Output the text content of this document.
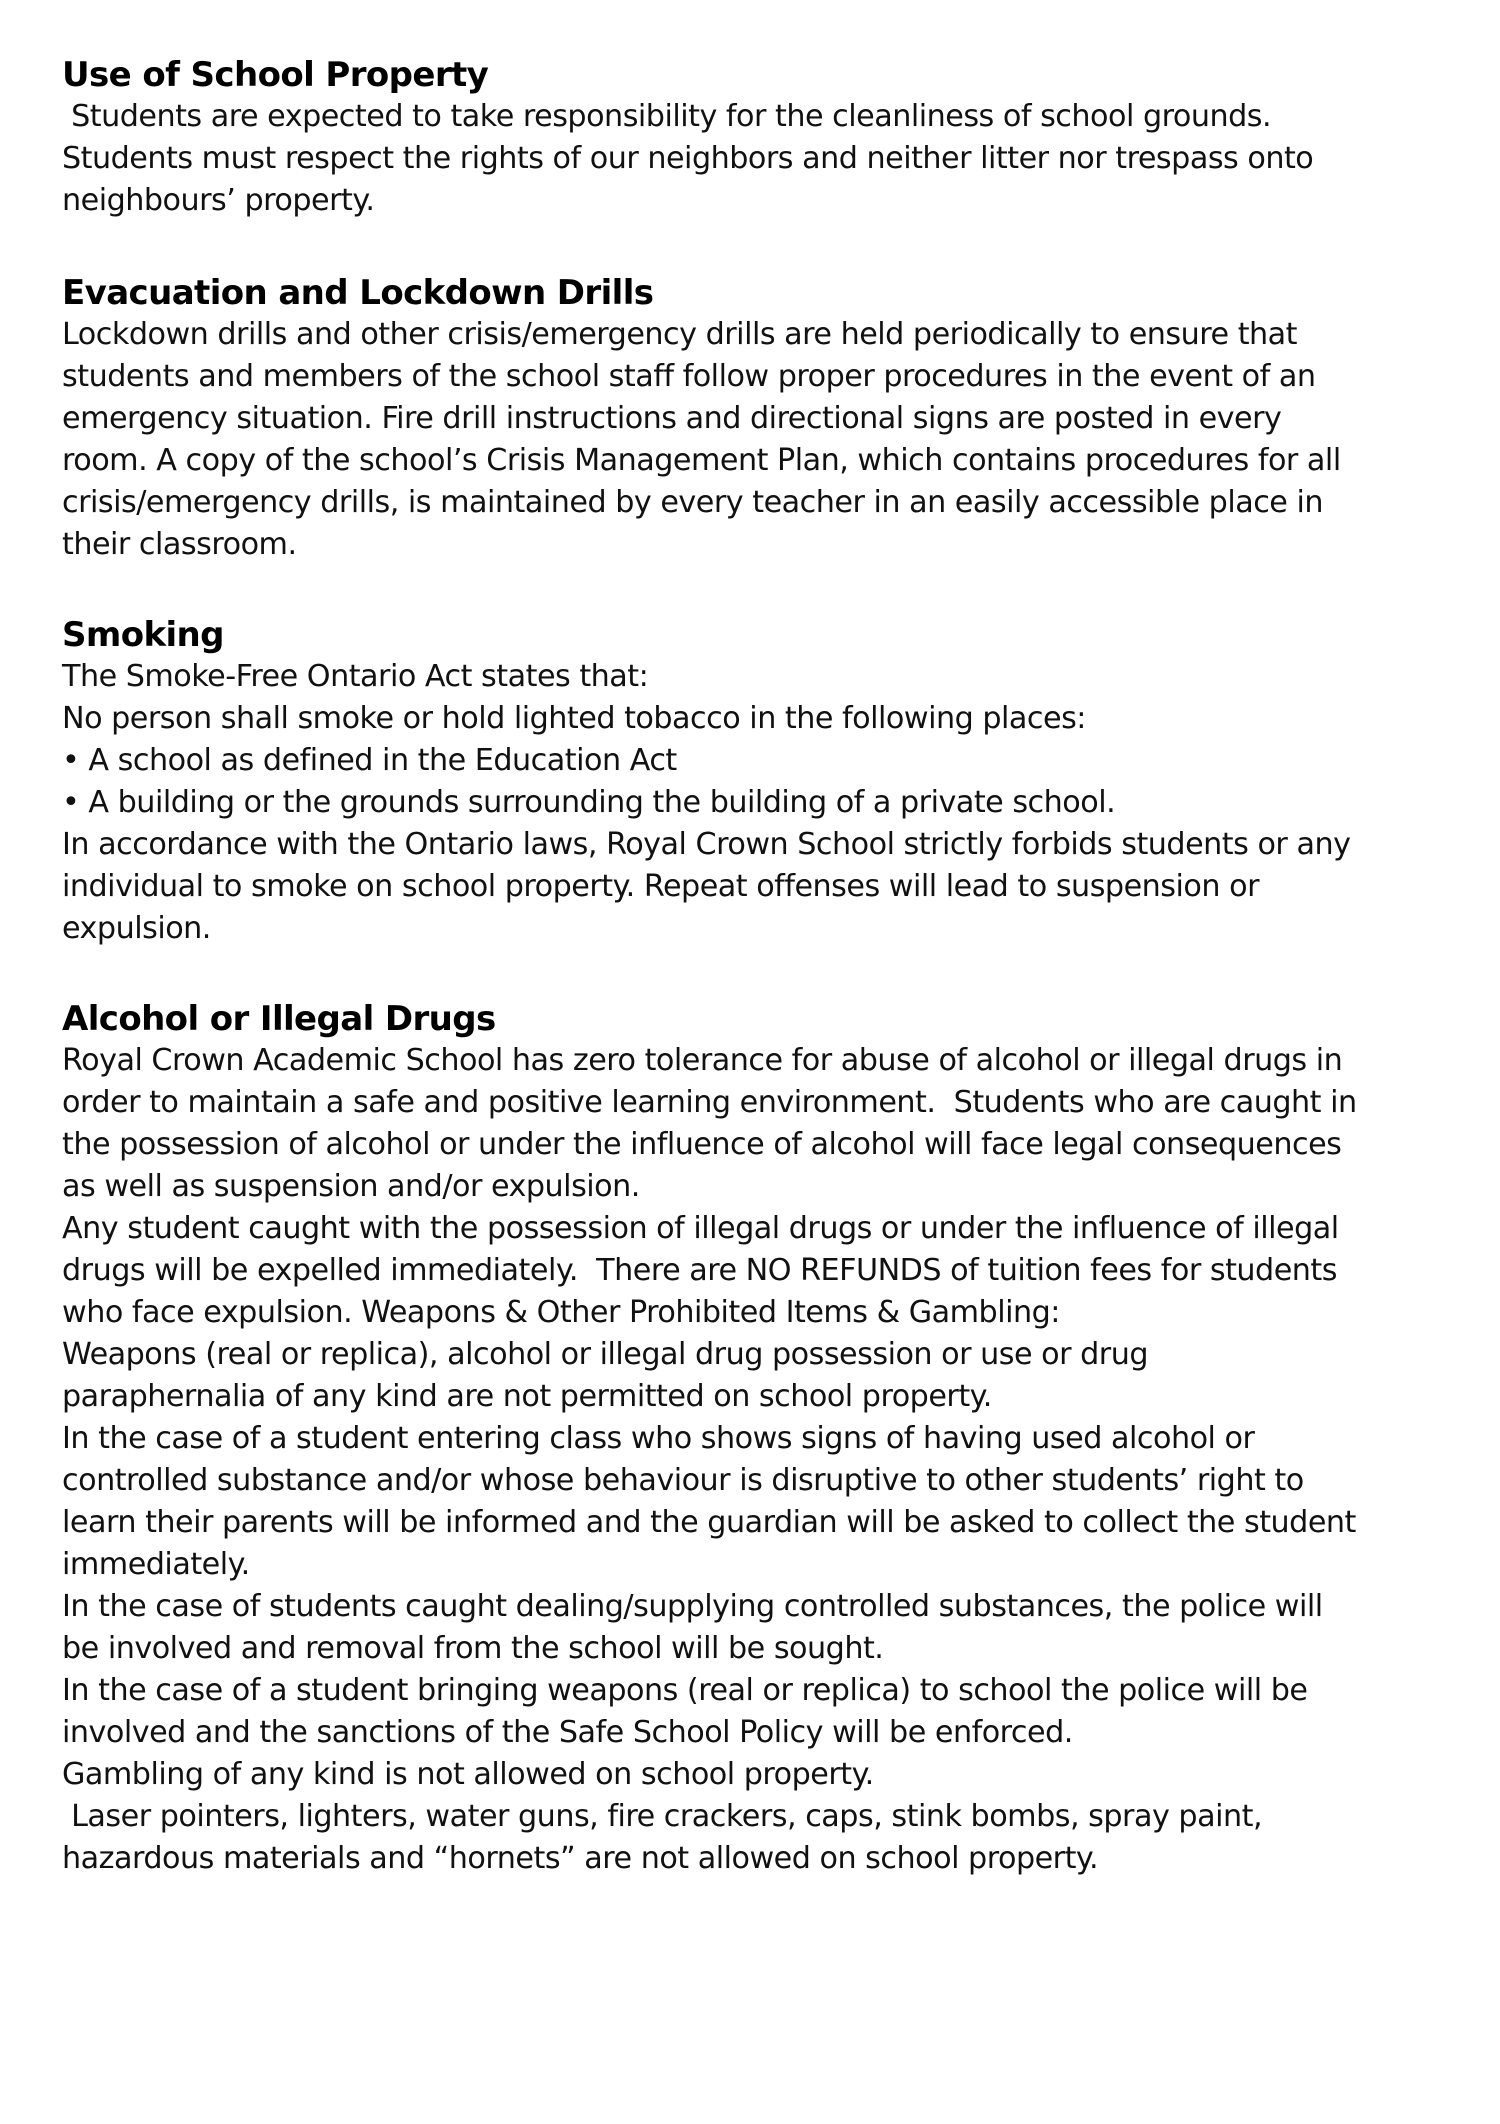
Use of School Property
Students are expected to take responsibility for the cleanliness of school grounds.
Students must respect the rights of our neighbors and neither litter nor trespass onto
neighbours’ property.
Evacuation and Lockdown Drills
Lockdown drills and other crisis/emergency drills are held periodically to ensure that
students and members of the school staff follow proper procedures in the event of an
emergency situation. Fire drill instructions and directional signs are posted in every
room. A copy of the school’s Crisis Management Plan, which contains procedures for all
crisis/emergency drills, is maintained by every teacher in an easily accessible place in
their classroom.
Smoking
The Smoke-Free Ontario Act states that:
No person shall smoke or hold lighted tobacco in the following places:
• A school as defined in the Education Act
• A building or the grounds surrounding the building of a private school.
In accordance with the Ontario laws, Royal Crown School strictly forbids students or any
individual to smoke on school property. Repeat offenses will lead to suspension or
expulsion.
Alcohol or Illegal Drugs
Royal Crown Academic School has zero tolerance for abuse of alcohol or illegal drugs in
order to maintain a safe and positive learning environment.  Students who are caught in
the possession of alcohol or under the influence of alcohol will face legal consequences
as well as suspension and/or expulsion.
Any student caught with the possession of illegal drugs or under the influence of illegal
drugs will be expelled immediately.  There are NO REFUNDS of tuition fees for students
who face expulsion. Weapons & Other Prohibited Items & Gambling:
Weapons (real or replica), alcohol or illegal drug possession or use or drug
paraphernalia of any kind are not permitted on school property.
In the case of a student entering class who shows signs of having used alcohol or
controlled substance and/or whose behaviour is disruptive to other students’ right to
learn their parents will be informed and the guardian will be asked to collect the student
immediately.
In the case of students caught dealing/supplying controlled substances, the police will
be involved and removal from the school will be sought.
In the case of a student bringing weapons (real or replica) to school the police will be
involved and the sanctions of the Safe School Policy will be enforced.
Gambling of any kind is not allowed on school property.
Laser pointers, lighters, water guns, fire crackers, caps, stink bombs, spray paint,
hazardous materials and “hornets” are not allowed on school property.
